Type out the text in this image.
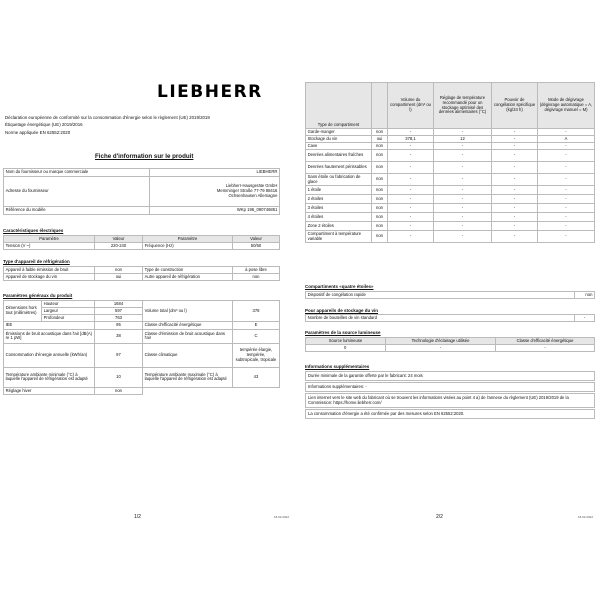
LIEBHERR
Déclaration européenne de conformité sur la consommation d'énergie selon le règlement (UE) 2019/2019
Étiquetage énergétique (UE) 2019/2016
Norme appliquée EN 62552:2020
Fiche d'information sur le produit
Nom du fournisseur ou marque commerciale	LIEBHERR
Adresse du fournisseur	Liebherr-Hausgeräte GmbH Memminger Straße 77-79 88416 Ochsenhausen Allemagne
Référence du modèle	WKp 196_090746851
Caractéristiques électriques
Paramètre	Valeur	Paramètre	Valeur
Tension (V ~)	220-240	Fréquence (Hz)	50/60
Type d'appareil de réfrigération
Appareil à faible émission de bruit	non	Type de construction	à pose libre
Appareil de stockage du vin	oui	Autre appareil de réfrigération	non
Paramètres généraux du produit
Dimensions hors tout (millimètres)	Hauteur	1684	Volume total (dm³ ou l)	378
	Largeur	597		
	Profondeur	763		
IEE		95	Classe d'efficacité énergétique	E
Émissions de bruit acoustique dans l'air [dB(A) re 1 pW]		38	Classe d'émission de bruit acoustique dans l'air	C
Consommation d'énergie annuelle (kWh/an)		97	Classe climatique	tempérée élargie, tempérée, subtropicale, tropicale
Température ambiante minimale (°C) à laquelle l'appareil de réfrigération est adapté		10	Température ambiante maximale (°C) à laquelle l'appareil de réfrigération est adapté	43
Réglage hiver		non		
1/2	18.02.2022
Type de compartiment		Volume du compartiment (dm³ ou l)	Réglage de température recommandé pour un stockage optimisé des denrées alimentaires (°C)	Pouvoir de congélation spécifique (kg/24 h)	Mode de dégivrage (dégivrage automatique = A, dégivrage manuel = M)
Garde-manger	non	-	-	-	-
Stockage du vin	oui	378,1	12	-	A
Cave	non	-	-	-	-
Denrées alimentaires fraîches	non	-	-	-	-
Denrées hautement périssables	non	-	-	-	-
Sans étoile ou fabrication de glace	non	-	-	-	-
1 étoile	non	-	-	-	-
2 étoiles	non	-	-	-	-
3 étoiles	non	-	-	-	-
4 étoiles	non	-	-	-	-
Zone 2 étoiles	non	-	-	-	-
Compartiment à température variable	non	-	-	-	-
Compartiments «quatre étoiles»
Dispositif de congélation rapide	non
Pour appareils de stockage du vin
Nombre de bouteilles de vin standard	-
Paramètres de la source lumineuse
Source lumineuse	Technologie d'éclairage utilisée	Classe d'efficacité énergétique
0	-	-
Informations supplémentaires
Durée minimale de la garantie offerte par le fabricant: 24 mois
Informations supplémentaires: -
Lien internet vers le site web du fabricant où se trouvent les informations visées au point 4 a) de l'annexe du règlement (UE) 2019/2019 de la Commission: https://home.liebherr.com/
La consommation d'énergie a été confirmée par des mesures selon EN 62552:2020.
2/2	18.02.2022
